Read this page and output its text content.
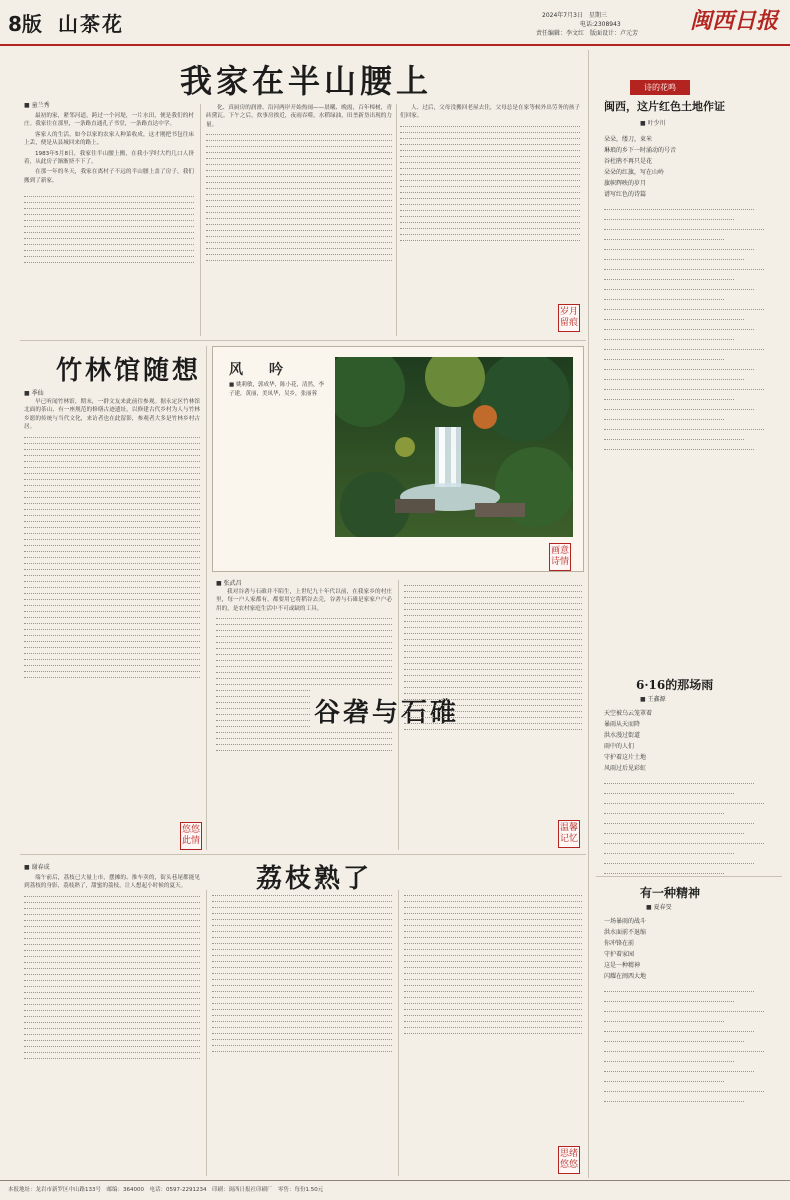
8版 山茶花	2024年7月3日　星期三
电话:2308943
责任编辑：李文红　版面设计：卢元芳 闽西日报
我家在半山腰上
■ 童兰秀

最初的家，紧邻河道，跨过一个河堤，一片水田，便是我们的村庄。我家往在那里，一条路直通孔子书堂，一条路直达中学。

客家人的生活，如今以家的农家人种菜收成，这才刚把书包往床上丢，便是从县城回来的路上。

1983年5月8日，我家往半山腰上搬，在我小学时大约几口人挤着，从此房子渐渐挤不下了。

在那一年的冬天，我家在离村子不远的半山腰上盖了房子，我们搬到了新家。

化、真厨房的润滑、沿河两岸开始热闹——晨曦、晚霞，百年樟树，青砖黛瓦。下午之后，炊事房挨近，夜雨吞噬，水稻绿油，田垄新垦出现的力量。

人、过后，父母没搬回老屋去住，父母总是在家等候外出劳务的孩子们回家。

岁月留痕
竹林馆随想
■ 季仙

早已听闻竹林馆，期末，一群文友来此前往参观。据永定区竹林馆北面的茶山、有一座规范的修缮古迹遗址，以修建古代乡村为人与竹林乡愿的传统与当代文化，来访者也在此留影，参观者大多是竹林乡村古居。

悠悠此情
风　吟
■ 姚莉敏，郭成华，陈小花，清然，李子建，黄丽，美凤华，吴乡，张丽蓉
画意诗情
■ 张武昌

我对谷砻与石碓并不陌生，上世纪九十年代以前，在我家乡的村庄里，每一户人家都有，都要用它将稻谷去壳，谷砻与石碓是家家户户必用的，是农村家庭生活中不可或缺的工具。

谷砻与石碓
温馨记忆
荔枝熟了
■ 谢春成

端午前后，荔枝已大量上市，摆摊的、推车卖的，街头巷尾都能见到荔枝的身影，荔枝熟了，甜蜜的荔枝，让人想起小时候的夏天。

思绪悠悠
诗的花鸣
闽西，这片红色土地作证
■ 叶少川
朵朵，缕刀，束米
琳琅的乡下一时涌动的号音
谷杜鹃不再只是花
朵朵的红旗，写在山岭
旗帜辉映的岁月
谱写红色的诗篇
6·16的那场雨
■ 王鑫源
天空被乌云笼罩着
暴雨从天而降
洪水漫过街道
雨中的人们
守护着这片土地
风雨过后见彩虹
有一种精神
■ 夏春旻
一场暴雨的战斗
洪水面前不退缩
你冲锋在前
守护着家园
这是一种精神
闪耀在闽西大地
本报地址：龙岩市新罗区中山路133号　邮编：364000　电话：0597-2291234　印刷：闽西日报社印刷厂　零售：每份1.50元
